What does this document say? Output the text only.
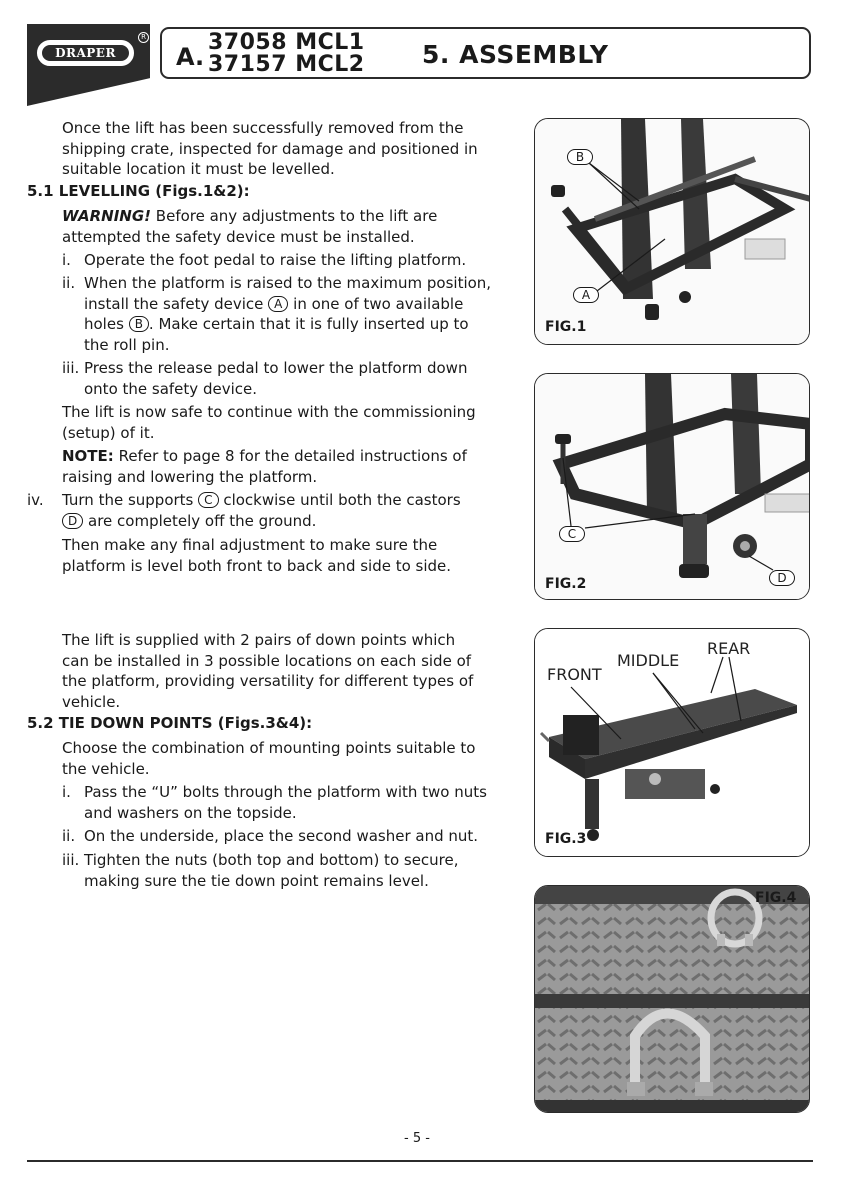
DRAPER
R
A.
37058 MCL1
37157 MCL2 5. ASSEMBLY
Once the lift has been successfully removed from the
shipping crate, inspected for damage and positioned in
suitable location it must be levelled.
5.1 LEVELLING (Figs.1&2):
WARNING! Before any adjustments to the lift are
attempted the safety device must be installed.
i. Operate the foot pedal to raise the lifting platform.
ii. When the platform is raised to the maximum position,
install the safety device A in one of two available
holes B . Make certain that it is fully inserted up to
the roll pin.
iii. Press the release pedal to lower the platform down
onto the safety device.
The lift is now safe to continue with the commissioning
(setup) of it.
NOTE: Refer to page 8 for the detailed instructions of
raising and lowering the platform.
iv. Turn the supports C clockwise until both the castors
D are completely off the ground.
Then make any final adjustment to make sure the
platform is level both front to back and side to side.
The lift is supplied with 2 pairs of down points which
can be installed in 3 possible locations on each side of
the platform, providing versatility for different types of
vehicle.
5.2 TIE DOWN POINTS (Figs.3&4):
Choose the combination of mounting points suitable to
the vehicle.
i. Pass the “U” bolts through the platform with two nuts
and washers on the topside.
ii. On the underside, place the second washer and nut.
iii. Tighten the nuts (both top and bottom) to secure,
making sure the tie down point remains level.
B
A
FIG.1
C
D
FIG.2
FRONT
MIDDLE
REAR
FIG.3
FIG.4
- 5 -
